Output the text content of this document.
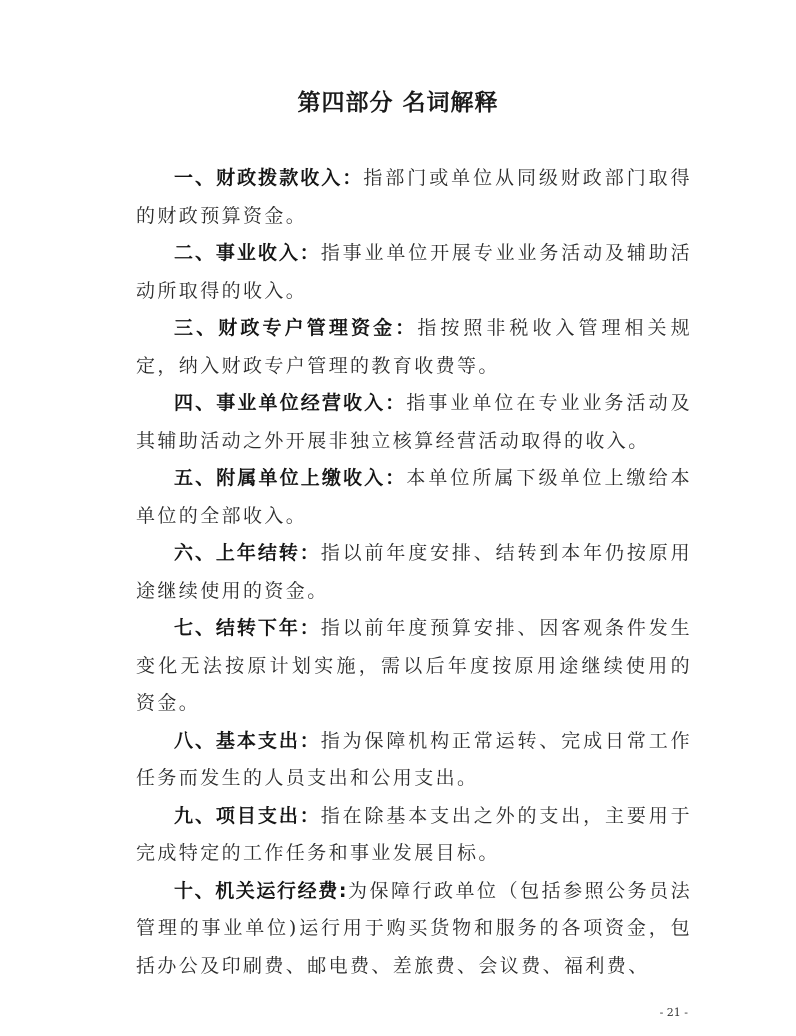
第四部分 名词解释

一、财政拨款收入：指部门或单位从同级财政部门取得的财政预算资金。

二、事业收入：指事业单位开展专业业务活动及辅助活动所取得的收入。

三、财政专户管理资金：指按照非税收入管理相关规定，纳入财政专户管理的教育收费等。

四、事业单位经营收入：指事业单位在专业业务活动及其辅助活动之外开展非独立核算经营活动取得的收入。

五、附属单位上缴收入：本单位所属下级单位上缴给本单位的全部收入。

六、上年结转：指以前年度安排、结转到本年仍按原用途继续使用的资金。

七、结转下年：指以前年度预算安排、因客观条件发生变化无法按原计划实施，需以后年度按原用途继续使用的资金。

八、基本支出：指为保障机构正常运转、完成日常工作任务而发生的人员支出和公用支出。

九、项目支出：指在除基本支出之外的支出，主要用于完成特定的工作任务和事业发展目标。

十、机关运行经费:为保障行政单位（包括参照公务员法管理的事业单位)运行用于购买货物和服务的各项资金，包括办公及印刷费、邮电费、差旅费、会议费、福利费、

- 21 -
